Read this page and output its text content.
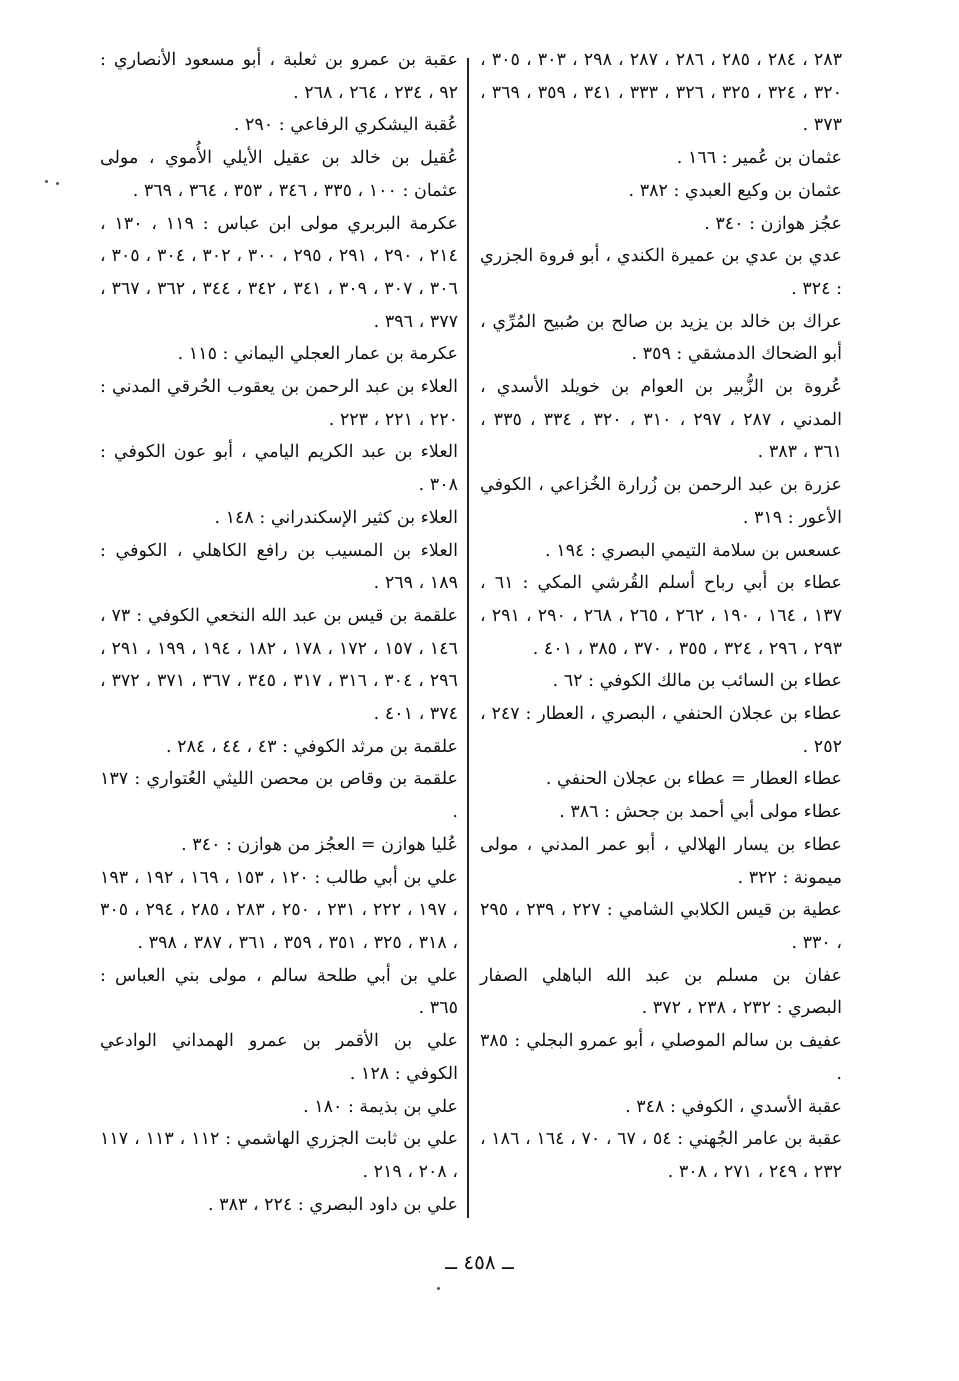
٢٨٣ ، ٢٨٤ ، ٢٨٥ ، ٢٨٦ ، ٢٨٧ ، ٢٩٨ ، ٣٠٣ ، ٣٠٥ ، ٣٢٠ ، ٣٢٤ ، ٣٢٥ ، ٣٢٦ ، ٣٣٣ ، ٣٤١ ، ٣٥٩ ، ٣٦٩ ، ٣٧٣ .

عثمان بن عُمير : ١٦٦ .

عثمان بن وكيع العبدي : ٣٨٢ .

عجُز هوازن : ٣٤٠ .

عدي بن عدي بن عميرة الكندي ، أبو فروة الجزري : ٣٢٤ .

عراك بن خالد بن يزيد بن صالح بن صُبيح المُرِّي ، أبو الضحاك الدمشقي : ٣٥٩ .

عُروة بن الزُّبير بن العوام بن خويلد الأسدي ، المدني ، ٢٨٧ ، ٢٩٧ ، ٣١٠ ، ٣٢٠ ، ٣٣٤ ، ٣٣٥ ، ٣٦١ ، ٣٨٣ .

عزرة بن عبد الرحمن بن زُرارة الخُزاعي ، الكوفي الأعور : ٣١٩ .

عسعس بن سلامة التيمي البصري : ١٩٤ .

عطاء بن أبي رباح أسلم القُرشي المكي : ٦١ ، ١٣٧ ، ١٦٤ ، ١٩٠ ، ٢٦٢ ، ٢٦٥ ، ٢٦٨ ، ٢٩٠ ، ٢٩١ ، ٢٩٣ ، ٢٩٦ ، ٣٢٤ ، ٣٥٥ ، ٣٧٠ ، ٣٨٥ ، ٤٠١ .

عطاء بن السائب بن مالك الكوفي : ٦٢ .

عطاء بن عجلان الحنفي ، البصري ، العطار : ٢٤٧ ، ٢٥٢ .

عطاء العطار = عطاء بن عجلان الحنفي .

عطاء مولى أبي أحمد بن جحش : ٣٨٦ .

عطاء بن يسار الهلالي ، أبو عمر المدني ، مولى ميمونة : ٣٢٢ .

عطية بن قيس الكلابي الشامي : ٢٢٧ ، ٢٣٩ ، ٢٩٥ ، ٣٣٠ .

عفان بن مسلم بن عبد الله الباهلي الصفار البصري : ٢٣٢ ، ٢٣٨ ، ٣٧٢ .

عفيف بن سالم الموصلي ، أبو عمرو البجلي : ٣٨٥ .

عقبة الأسدي ، الكوفي : ٣٤٨ .

عقبة بن عامر الجُهني : ٥٤ ، ٦٧ ، ٧٠ ، ١٦٤ ، ١٨٦ ، ٢٣٢ ، ٢٤٩ ، ٢٧١ ، ٣٠٨ .

عقبة بن عمرو بن ثعلبة ، أبو مسعود الأنصاري : ٩٢ ، ٢٣٤ ، ٢٦٤ ، ٢٦٨ .

عُقبة اليشكري الرفاعي : ٢٩٠ .

عُقيل بن خالد بن عقيل الأيلي الأُموي ، مولى عثمان : ١٠٠ ، ٣٣٥ ، ٣٤٦ ، ٣٥٣ ، ٣٦٤ ، ٣٦٩ .

عكرمة البربري مولى ابن عباس : ١١٩ ، ١٣٠ ، ٢١٤ ، ٢٩٠ ، ٢٩١ ، ٢٩٥ ، ٣٠٠ ، ٣٠٢ ، ٣٠٤ ، ٣٠٥ ، ٣٠٦ ، ٣٠٧ ، ٣٠٩ ، ٣٤١ ، ٣٤٢ ، ٣٤٤ ، ٣٦٢ ، ٣٦٧ ، ٣٧٧ ، ٣٩٦ .

عكرمة بن عمار العجلي اليماني : ١١٥ .

العلاء بن عبد الرحمن بن يعقوب الحُرقي المدني : ٢٢٠ ، ٢٢١ ، ٢٢٣ .

العلاء بن عبد الكريم اليامي ، أبو عون الكوفي : ٣٠٨ .

العلاء بن كثير الإسكندراني : ١٤٨ .

العلاء بن المسيب بن رافع الكاهلي ، الكوفي : ١٨٩ ، ٢٦٩ .

علقمة بن قيس بن عبد الله النخعي الكوفي : ٧٣ ، ١٤٦ ، ١٥٧ ، ١٧٢ ، ١٧٨ ، ١٨٢ ، ١٩٤ ، ١٩٩ ، ٢٩١ ، ٢٩٦ ، ٣٠٤ ، ٣١٦ ، ٣١٧ ، ٣٤٥ ، ٣٦٧ ، ٣٧١ ، ٣٧٢ ، ٣٧٤ ، ٤٠١ .

علقمة بن مرثد الكوفي : ٤٣ ، ٤٤ ، ٢٨٤ .

علقمة بن وقاص بن محصن الليثي العُتواري : ١٣٧ .

عُليا هوازن = العجُز من هوازن : ٣٤٠ .

علي بن أبي طالب : ١٢٠ ، ١٥٣ ، ١٦٩ ، ١٩٢ ، ١٩٣ ، ١٩٧ ، ٢٢٢ ، ٢٣١ ، ٢٥٠ ، ٢٨٣ ، ٢٨٥ ، ٢٩٤ ، ٣٠٥ ، ٣١٨ ، ٣٢٥ ، ٣٥١ ، ٣٥٩ ، ٣٦١ ، ٣٨٧ ، ٣٩٨ .

علي بن أبي طلحة سالم ، مولى بني العباس : ٣٦٥ .

علي بن الأقمر بن عمرو الهمداني الوادعي الكوفي : ١٢٨ .

علي بن بذيمة : ١٨٠ .

علي بن ثابت الجزري الهاشمي : ١١٢ ، ١١٣ ، ١١٧ ، ٢٠٨ ، ٢١٩ .

علي بن داود البصري : ٢٢٤ ، ٣٨٣ .

ــ ٤٥٨ ــ
